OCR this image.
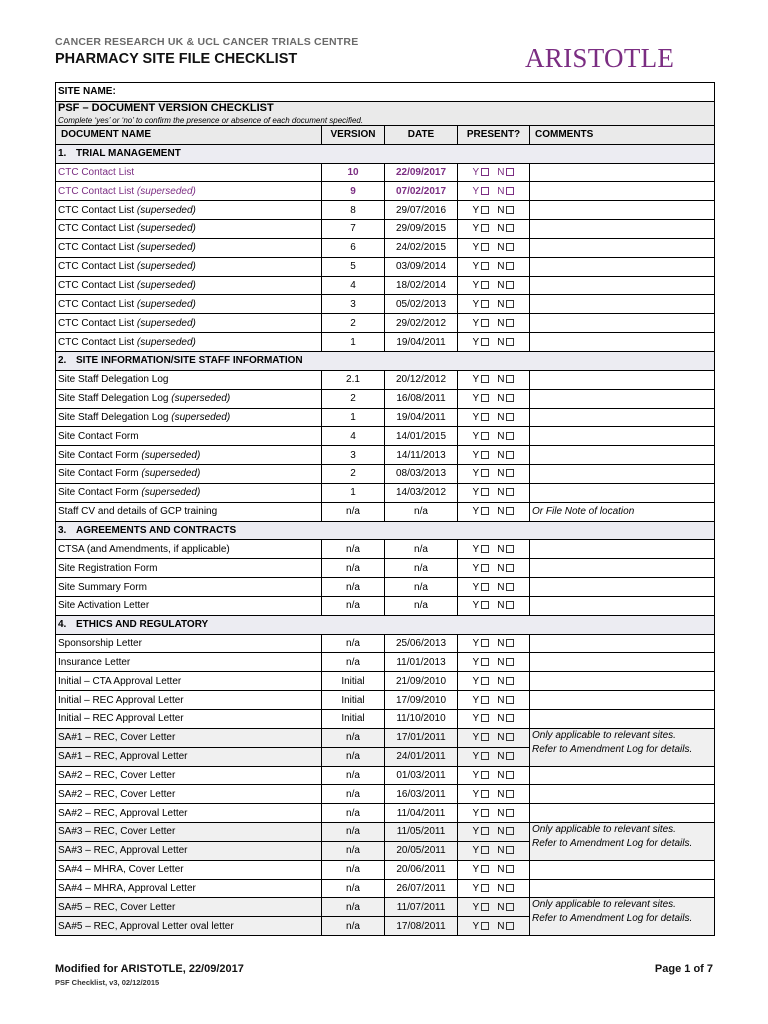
CANCER RESEARCH UK & UCL CANCER TRIALS CENTRE
PHARMACY SITE FILE CHECKLIST	ARISTOTLE
SITE NAME:				

PSF – DOCUMENT VERSION CHECKLIST
Complete ‘yes’ or ‘no’ to confirm the presence or absence of each document specified.				

DOCUMENT NAME	VERSION	DATE	PRESENT?	COMMENTS
1. TRIAL MANAGEMENT				
CTC Contact List	10	22/09/2017	Y N	
CTC Contact List (superseded)	9	07/02/2017	Y N	
CTC Contact List (superseded)	8	29/07/2016	Y N	
CTC Contact List (superseded)	7	29/09/2015	Y N	
CTC Contact List (superseded)	6	24/02/2015	Y N	
CTC Contact List (superseded)	5	03/09/2014	Y N	
CTC Contact List (superseded)	4	18/02/2014	Y N	
CTC Contact List (superseded)	3	05/02/2013	Y N	
CTC Contact List (superseded)	2	29/02/2012	Y N	
CTC Contact List (superseded)	1	19/04/2011	Y N	
2. SITE INFORMATION/SITE STAFF INFORMATION				
Site Staff Delegation Log	2.1	20/12/2012	Y N	
Site Staff Delegation Log (superseded)	2	16/08/2011	Y N	
Site Staff Delegation Log (superseded)	1	19/04/2011	Y N	
Site Contact Form	4	14/01/2015	Y N	
Site Contact Form (superseded)	3	14/11/2013	Y N	
Site Contact Form (superseded)	2	08/03/2013	Y N	
Site Contact Form (superseded)	1	14/03/2012	Y N	
Staff CV and details of GCP training	n/a	n/a	Y N	Or File Note of location
3. AGREEMENTS AND CONTRACTS				
CTSA (and Amendments, if applicable)	n/a	n/a	Y N	
Site Registration Form	n/a	n/a	Y N	
Site Summary Form	n/a	n/a	Y N	
Site Activation Letter	n/a	n/a	Y N	
4. ETHICS AND REGULATORY				
Sponsorship Letter	n/a	25/06/2013	Y N	
Insurance Letter	n/a	11/01/2013	Y N	
Initial – CTA Approval Letter	Initial	21/09/2010	Y N	
Initial – REC Approval Letter	Initial	17/09/2010	Y N	
Initial – REC Approval Letter	Initial	11/10/2010	Y N	
SA#1 – REC, Cover Letter	n/a	17/01/2011	Y N	Only applicable to relevant sites.
Refer to Amendment Log for details.

SA#1 – REC, Approval Letter	n/a	24/01/2011	Y N	
SA#2 – REC, Cover Letter	n/a	01/03/2011	Y N	
SA#2 – REC, Cover Letter	n/a	16/03/2011	Y N	
SA#2 – REC, Approval Letter	n/a	11/04/2011	Y N	
SA#3 – REC, Cover Letter	n/a	11/05/2011	Y N	Only applicable to relevant sites.
Refer to Amendment Log for details.

SA#3 – REC, Approval Letter	n/a	20/05/2011	Y N	
SA#4 – MHRA, Cover Letter	n/a	20/06/2011	Y N	
SA#4 – MHRA, Approval Letter	n/a	26/07/2011	Y N	
SA#5 – REC, Cover Letter	n/a	11/07/2011	Y N	Only applicable to relevant sites.
Refer to Amendment Log for details.

SA#5 – REC, Approval Letter oval letter	n/a	17/08/2011	Y N	
Modified for ARISTOTLE, 22/09/2017
PSF Checklist, v3, 02/12/2015
Page 1 of 7
